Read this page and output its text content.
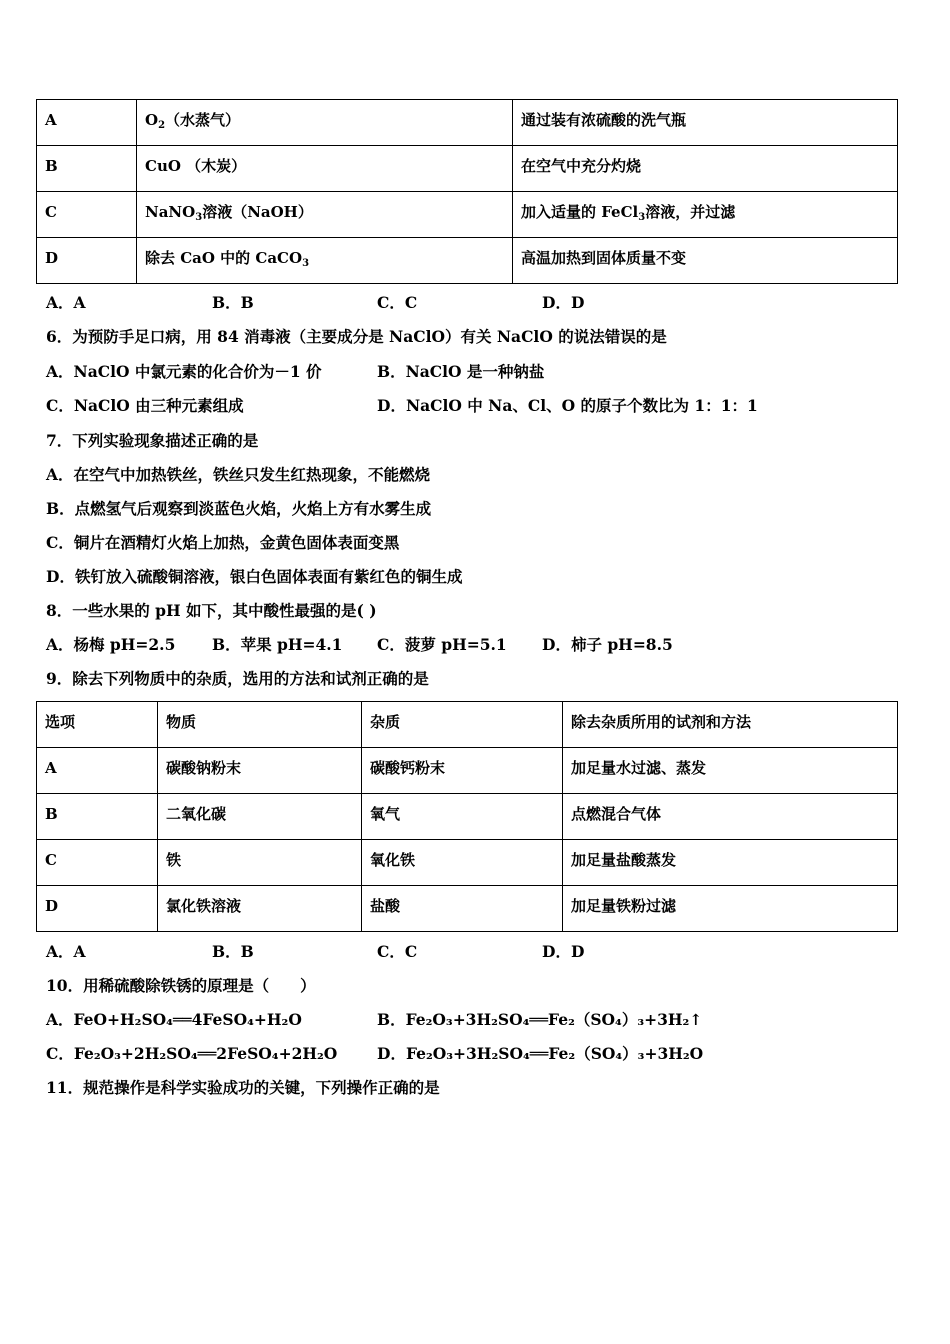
A	$O_2$（水蒸气）	通过装有浓硫酸的洗气瓶
B	CuO （木炭）	在空气中充分灼烧
C	NaNO$_3$溶液（NaOH）	加入适量的 FeCl$_3$溶液，并过滤
D	除去 CaO 中的 CaCO$_3$	高温加热到固体质量不变
A．A	B．B	C．C	D．D
6．为预防手足口病，用 84 消毒液（主要成分是 NaClO）有关 NaClO 的说法错误的是
A．NaClO 中氯元素的化合价为－1 价	B．NaClO 是一种钠盐
C．NaClO 由三种元素组成	D．NaClO 中 Na、Cl、O 的原子个数比为 1：1：1
7．下列实验现象描述正确的是
A．在空气中加热铁丝，铁丝只发生红热现象，不能燃烧
B．点燃氢气后观察到淡蓝色火焰，火焰上方有水雾生成
C．铜片在酒精灯火焰上加热，金黄色固体表面变黑
D．铁钉放入硫酸铜溶液，银白色固体表面有紫红色的铜生成
8．一些水果的 pH 如下，其中酸性最强的是( )
A．杨梅 pH=2.5 B．苹果 pH=4.1 C．菠萝 pH=5.1 D．柿子 pH=8.5
9．除去下列物质中的杂质，选用的方法和试剂正确的是
选项	物质	杂质	除去杂质所用的试剂和方法
A	碳酸钠粉末	碳酸钙粉末	加足量水过滤、蒸发
B	二氧化碳	氧气	点燃混合气体
C	铁	氧化铁	加足量盐酸蒸发
D	氯化铁溶液	盐酸	加足量铁粉过滤
A．A	B．B	C．C	D．D
10．用稀硫酸除铁锈的原理是（　　）
A．FeO+H₂SO₄══4FeSO₄+H₂O	B．Fe₂O₃+3H₂SO₄══Fe₂（SO₄）₃+3H₂↑
C．Fe₂O₃+2H₂SO₄══2FeSO₄+2H₂O	D．Fe₂O₃+3H₂SO₄══Fe₂（SO₄）₃+3H₂O
11．规范操作是科学实验成功的关键，下列操作正确的是
